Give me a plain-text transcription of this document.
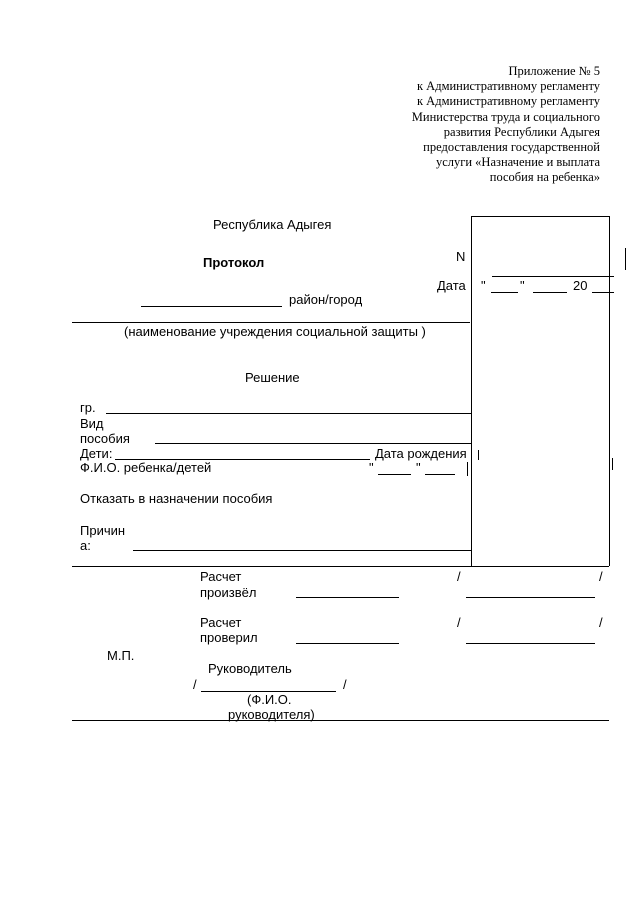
Приложение № 5
к Административному регламенту
к Административному регламенту
Министерства труда и социального
развития Республики Адыгея
предоставления государственной
услуги «Назначение и выплата
пособия на ребенка»
Республика Адыгея
Протокол	N
Дата "	"	20
район/город
(наименование учреждения социальной защиты )
Решение
гр.
Вид
пособия
Дети:	Дата рождения
Ф.И.О. ребенка/детей	"	"
Отказать в назначении пособия
Причин
а:
Расчет
произвёл
/	/
Расчет
проверил
/	/
М.П.
Руководитель
/	/
(Ф.И.О.
руководителя)
